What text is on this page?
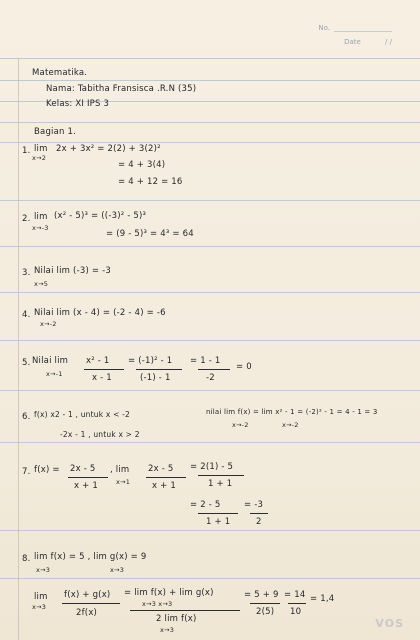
No.
Date	/ /
Matematika.
Nama: Tabitha Fransisca .R.N (35)
Kelas: XI IPS 3
Bagian 1.
1. lim
x→2
2x + 3x² = 2(2) + 3(2)²
= 4 + 3(4)
= 4 + 12 = 16
2. lim
x→-3
(x² - 5)³ = ((-3)² - 5)³
= (9 - 5)³ = 4³ = 64
3. Nilai lim (-3) = -3
x→5
4. Nilai lim (x - 4) = (-2 - 4) = -6
x→-2
5. Nilai lim
x→-1
x² - 1
x - 1
= (-1)² - 1
(-1) - 1
= 1 - 1
-2
= 0
6. f(x) x2 - 1 , untuk x < -2
-2x - 1 , untuk x > 2
nilai lim f(x) = lim x² - 1 = (-2)² - 1 = 4 - 1 = 3
x→-2	x→-2
7. f(x) = 2x - 5
x + 1
, lim
x→1
2x - 5
x + 1
= 2(1) - 5
1 + 1
= 2 - 5
1 + 1
= -3
2
8. lim f(x) = 5 , lim g(x) = 9
x→3	x→3
lim
x→3
f(x) + g(x)
2f(x)
= lim f(x) + lim g(x)
x→3 x→3
2 lim f(x)
x→3
= 5 + 9
2(5)
= 14
10
= 1,4
VOS
